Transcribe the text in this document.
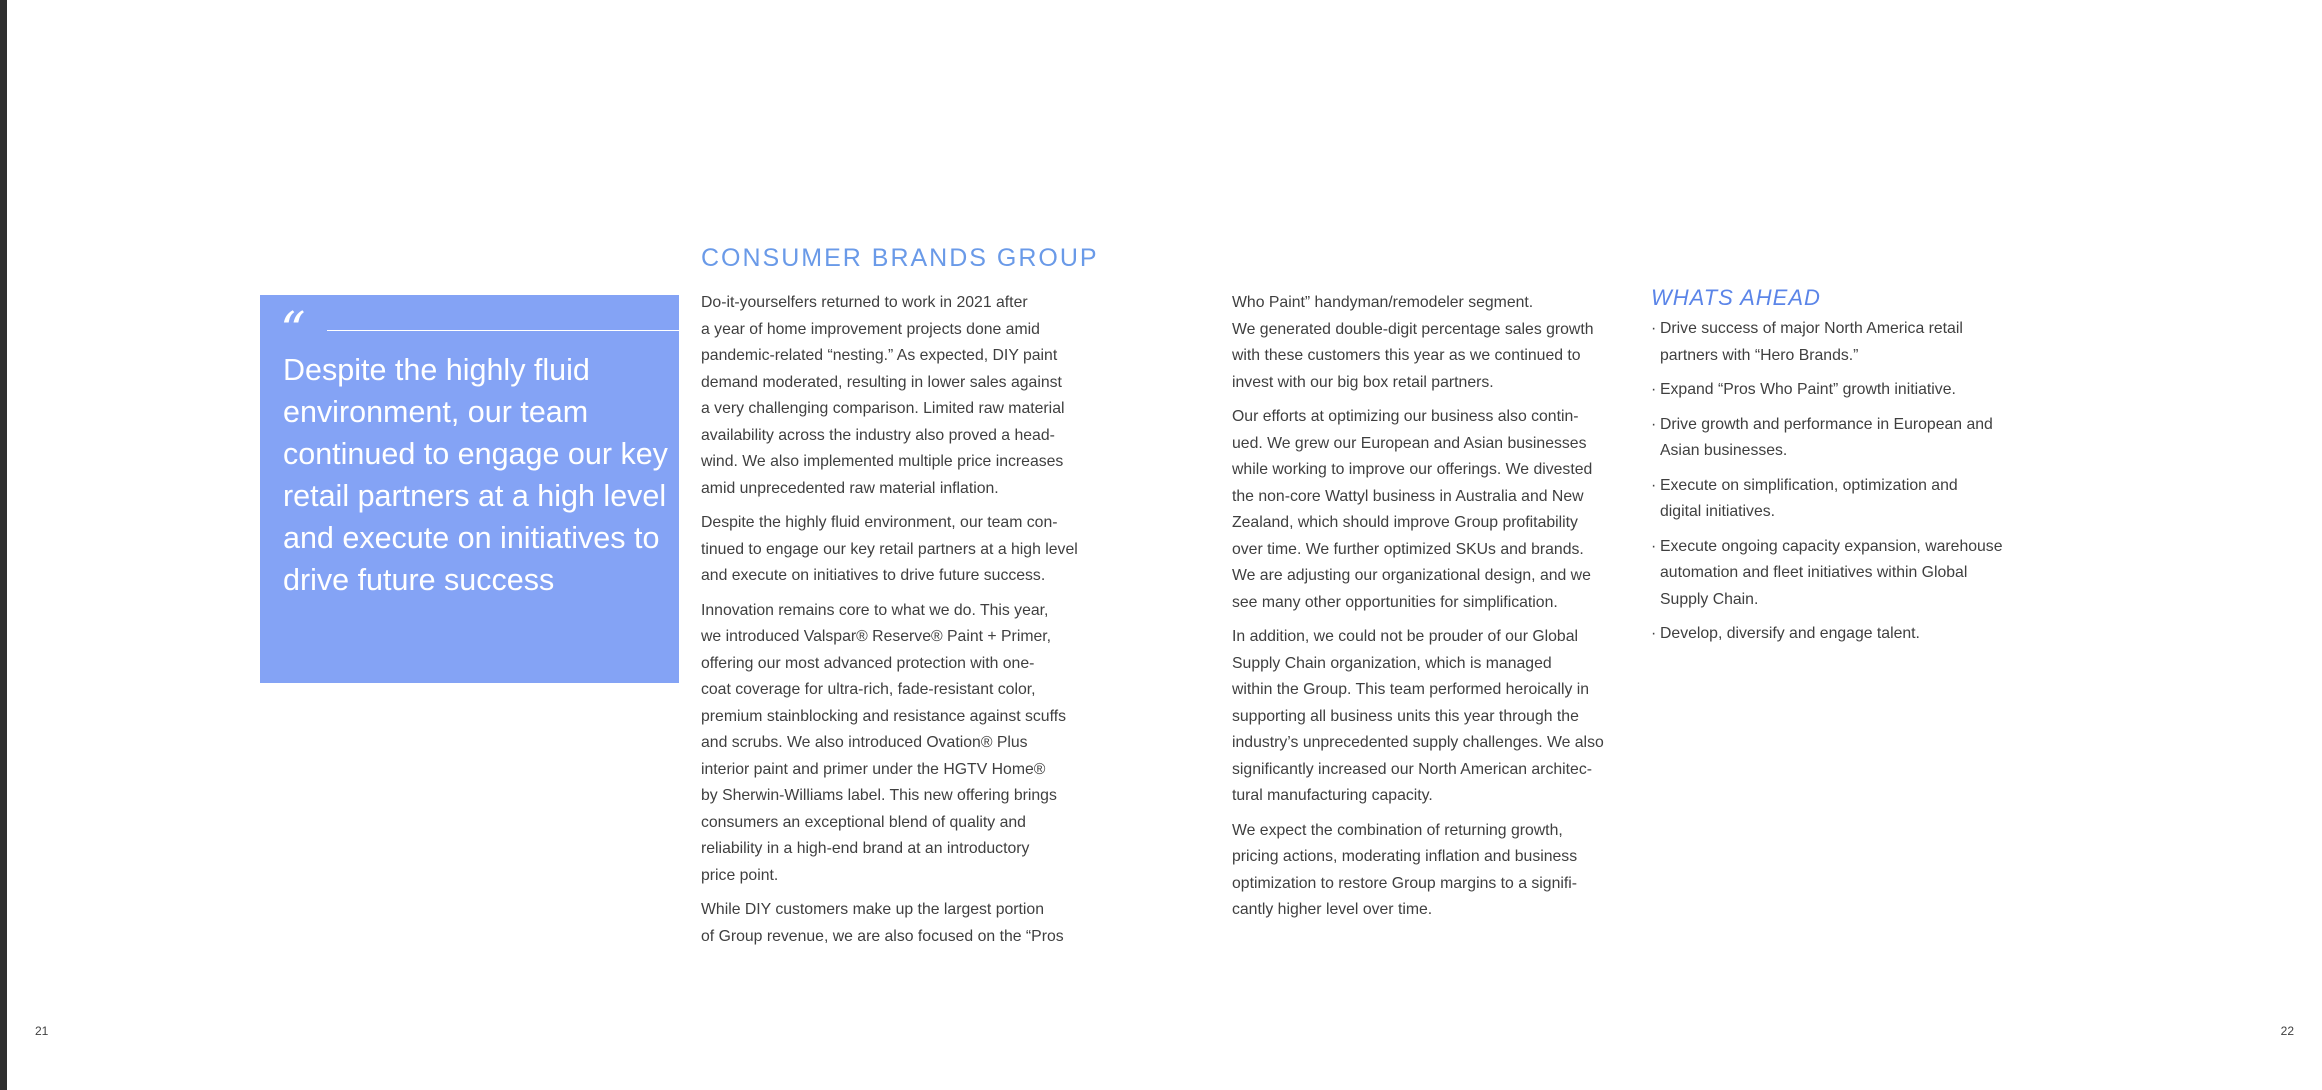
“

Despite the highly fluid environment, our team continued to engage our key retail partners at a high level and execute on initiatives to drive future success

CONSUMER BRANDS GROUP

Do-it-yourselfers returned to work in 2021 after
a year of home improvement projects done amid
pandemic-related “nesting.” As expected, DIY paint
demand moderated, resulting in lower sales against
a very challenging comparison. Limited raw material
availability across the industry also proved a head-
wind. We also implemented multiple price increases
amid unprecedented raw material inflation.

Despite the highly fluid environment, our team con-
tinued to engage our key retail partners at a high level
and execute on initiatives to drive future success.

Innovation remains core to what we do. This year,
we introduced Valspar® Reserve® Paint + Primer,
offering our most advanced protection with one-
coat coverage for ultra-rich, fade-resistant color,
premium stainblocking and resistance against scuffs
and scrubs. We also introduced Ovation® Plus
interior paint and primer under the HGTV Home®
by Sherwin-Williams label. This new offering brings
consumers an exceptional blend of quality and
reliability in a high-end brand at an introductory
price point.

While DIY customers make up the largest portion
of Group revenue, we are also focused on the “Pros

Who Paint” handyman/remodeler segment.
We generated double-digit percentage sales growth
with these customers this year as we continued to
invest with our big box retail partners.

Our efforts at optimizing our business also contin-
ued. We grew our European and Asian businesses
while working to improve our offerings. We divested
the non-core Wattyl business in Australia and New
Zealand, which should improve Group profitability
over time. We further optimized SKUs and brands.
We are adjusting our organizational design, and we
see many other opportunities for simplification.

In addition, we could not be prouder of our Global
Supply Chain organization, which is managed
within the Group. This team performed heroically in
supporting all business units this year through the
industry’s unprecedented supply challenges. We also
significantly increased our North American architec-
tural manufacturing capacity.

We expect the combination of returning growth,
pricing actions, moderating inflation and business
optimization to restore Group margins to a signifi-
cantly higher level over time.

WHATS AHEAD
· Drive success of major North America retail
partners with “Hero Brands.”
· Expand “Pros Who Paint” growth initiative.
· Drive growth and performance in European and
Asian businesses.
· Execute on simplification, optimization and
digital initiatives.
· Execute ongoing capacity expansion, warehouse
automation and fleet initiatives within Global
Supply Chain.
· Develop, diversify and engage talent.
21	22
